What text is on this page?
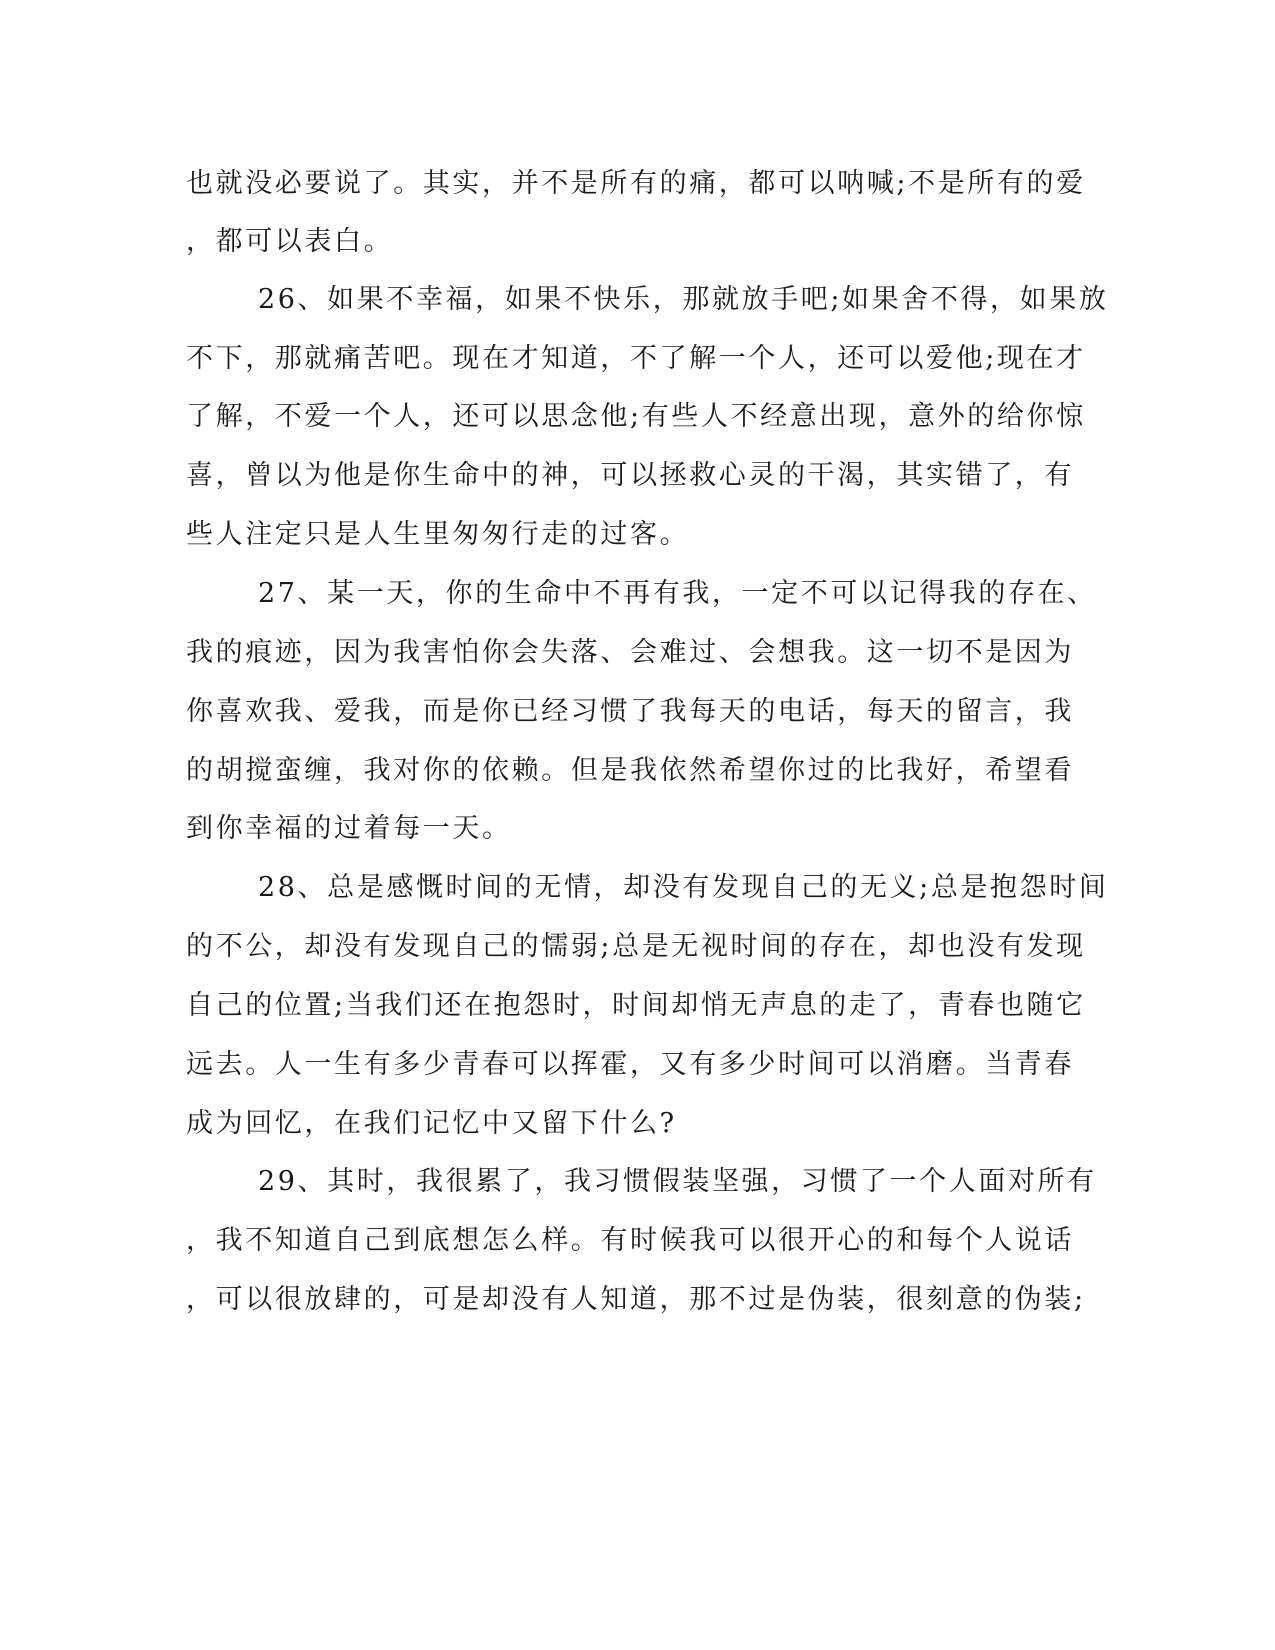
也就没必要说了。其实，并不是所有的痛，都可以呐喊;不是所有的爱
，都可以表白。
26、如果不幸福，如果不快乐，那就放手吧;如果舍不得，如果放
不下，那就痛苦吧。现在才知道，不了解一个人，还可以爱他;现在才
了解，不爱一个人，还可以思念他;有些人不经意出现，意外的给你惊
喜，曾以为他是你生命中的神，可以拯救心灵的干渴，其实错了，有
些人注定只是人生里匆匆行走的过客。
27、某一天，你的生命中不再有我，一定不可以记得我的存在、
我的痕迹，因为我害怕你会失落、会难过、会想我。这一切不是因为
你喜欢我、爱我，而是你已经习惯了我每天的电话，每天的留言，我
的胡搅蛮缠，我对你的依赖。但是我依然希望你过的比我好，希望看
到你幸福的过着每一天。
28、总是感慨时间的无情，却没有发现自己的无义;总是抱怨时间
的不公，却没有发现自己的懦弱;总是无视时间的存在，却也没有发现
自己的位置;当我们还在抱怨时，时间却悄无声息的走了，青春也随它
远去。人一生有多少青春可以挥霍，又有多少时间可以消磨。当青春
成为回忆，在我们记忆中又留下什么?
29、其时，我很累了，我习惯假装坚强，习惯了一个人面对所有
，我不知道自己到底想怎么样。有时候我可以很开心的和每个人说话
，可以很放肆的，可是却没有人知道，那不过是伪装，很刻意的伪装;
